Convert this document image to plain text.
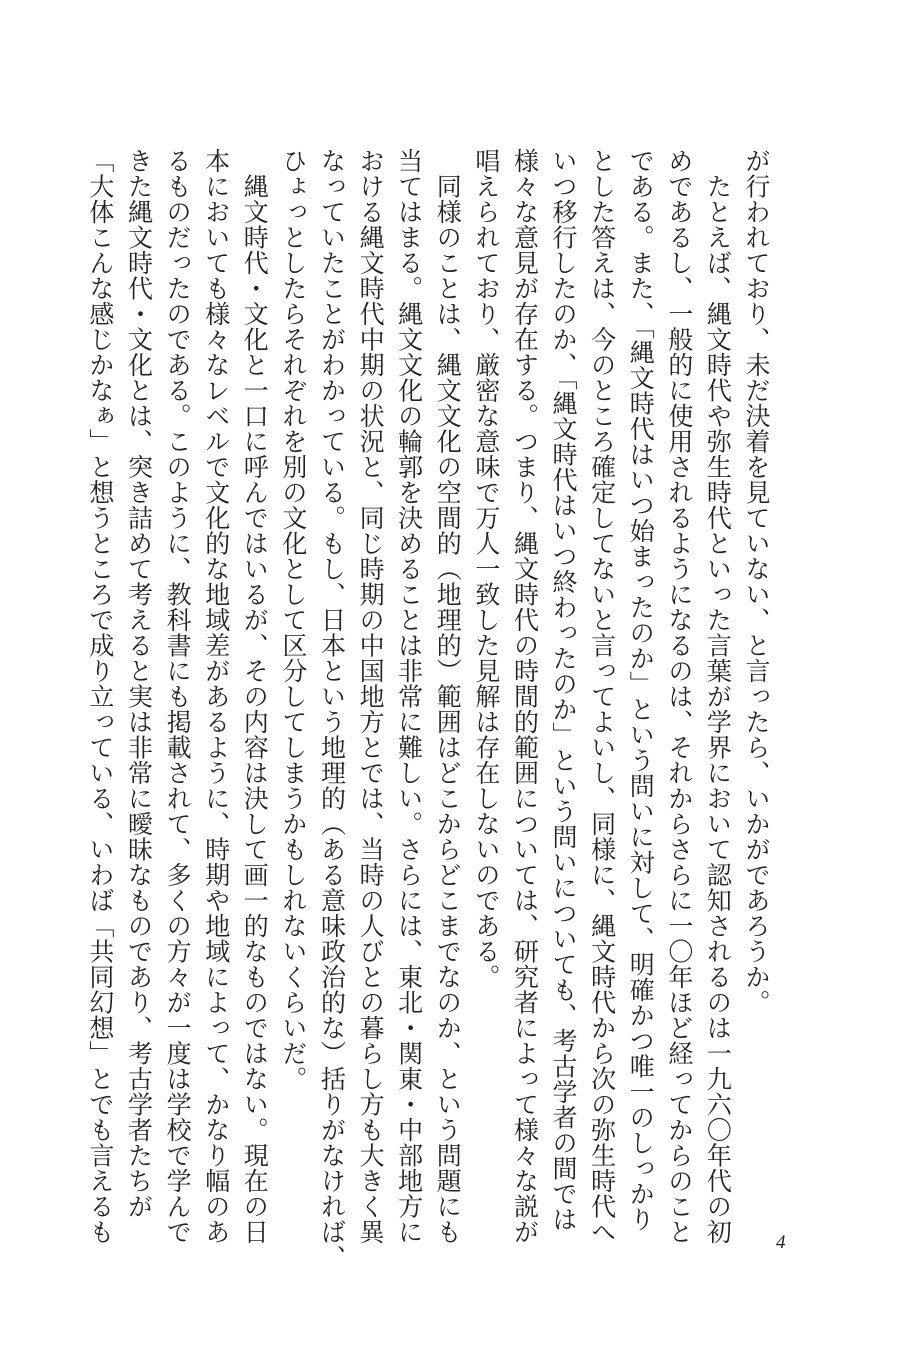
が行われており、未だ決着を見ていない、と言ったら、いかがであろうか。
　たとえば、縄文時代や弥生時代といった言葉が学界において認知されるのは一九六〇年代の初
めであるし、一般的に使用されるようになるのは、それからさらに一〇年ほど経ってからのこと
である。また、「縄文時代はいつ始まったのか」という問いに対して、明確かつ唯一のしっかり
とした答えは、今のところ確定してないと言ってよいし、同様に、縄文時代から次の弥生時代へ
いつ移行したのか、「縄文時代はいつ終わったのか」という問いについても、考古学者の間では
様々な意見が存在する。つまり、縄文時代の時間的範囲については、研究者によって様々な説が
唱えられており、厳密な意味で万人一致した見解は存在しないのである。
　同様のことは、縄文文化の空間的（地理的）範囲はどこからどこまでなのか、という問題にも
当てはまる。縄文文化の輪郭を決めることは非常に難しい。さらには、東北・関東・中部地方に
おける縄文時代中期の状況と、同じ時期の中国地方とでは、当時の人びとの暮らし方も大きく異
なっていたことがわかっている。もし、日本という地理的（ある意味政治的な）括りがなければ、
ひょっとしたらそれぞれを別の文化として区分してしまうかもしれないくらいだ。
　縄文時代・文化と一口に呼んではいるが、その内容は決して画一的なものではない。現在の日
本においても様々なレベルで文化的な地域差があるように、時期や地域によって、かなり幅のあ
るものだったのである。このように、教科書にも掲載されて、多くの方々が一度は学校で学んで
きた縄文時代・文化とは、突き詰めて考えると実は非常に曖昧なものであり、考古学者たちが
「大体こんな感じかなぁ」と想うところで成り立っている、いわば「共同幻想」とでも言えるも	4
